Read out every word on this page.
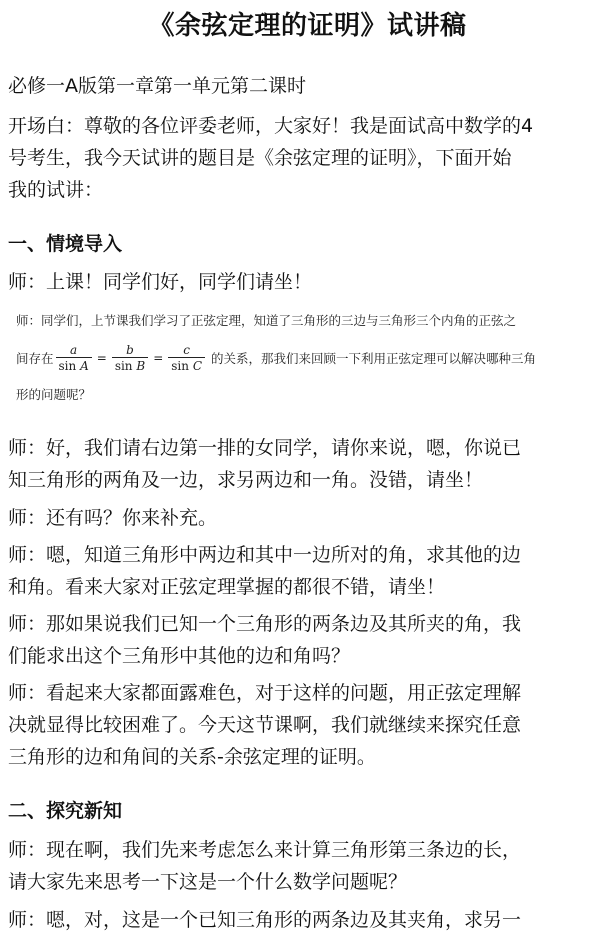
《余弦定理的证明》试讲稿
必修一A版第一章第一单元第二课时
开场白：尊敬的各位评委老师，大家好！我是面试高中数学的4
号考生，我今天试讲的题目是《余弦定理的证明》，下面开始
我的试讲：
一、情境导入
师：上课！同学们好，同学们请坐！
师：同学们，上节课我们学习了正弦定理，知道了三角形的三边与三角形三个内角的正弦之
间存在 $\frac{a}{\text{sin A}} = \frac{b}{\text{sin B}} = \frac{c}{\text{sin C}}$ 的关系，那我们来回顾一下利用正弦定理可以解决哪种三角
形的问题呢？
师：好，我们请右边第一排的女同学，请你来说，嗯，你说已
知三角形的两角及一边，求另两边和一角。没错，请坐！
师：还有吗？你来补充。
师：嗯，知道三角形中两边和其中一边所对的角，求其他的边
和角。看来大家对正弦定理掌握的都很不错，请坐！
师：那如果说我们已知一个三角形的两条边及其所夹的角，我
们能求出这个三角形中其他的边和角吗？
师：看起来大家都面露难色，对于这样的问题，用正弦定理解
决就显得比较困难了。今天这节课啊，我们就继续来探究任意
三角形的边和角间的关系-余弦定理的证明。
二、探究新知
师：现在啊，我们先来考虑怎么来计算三角形第三条边的长，
请大家先来思考一下这是一个什么数学问题呢？
师：嗯，对，这是一个已知三角形的两条边及其夹角，求另一
